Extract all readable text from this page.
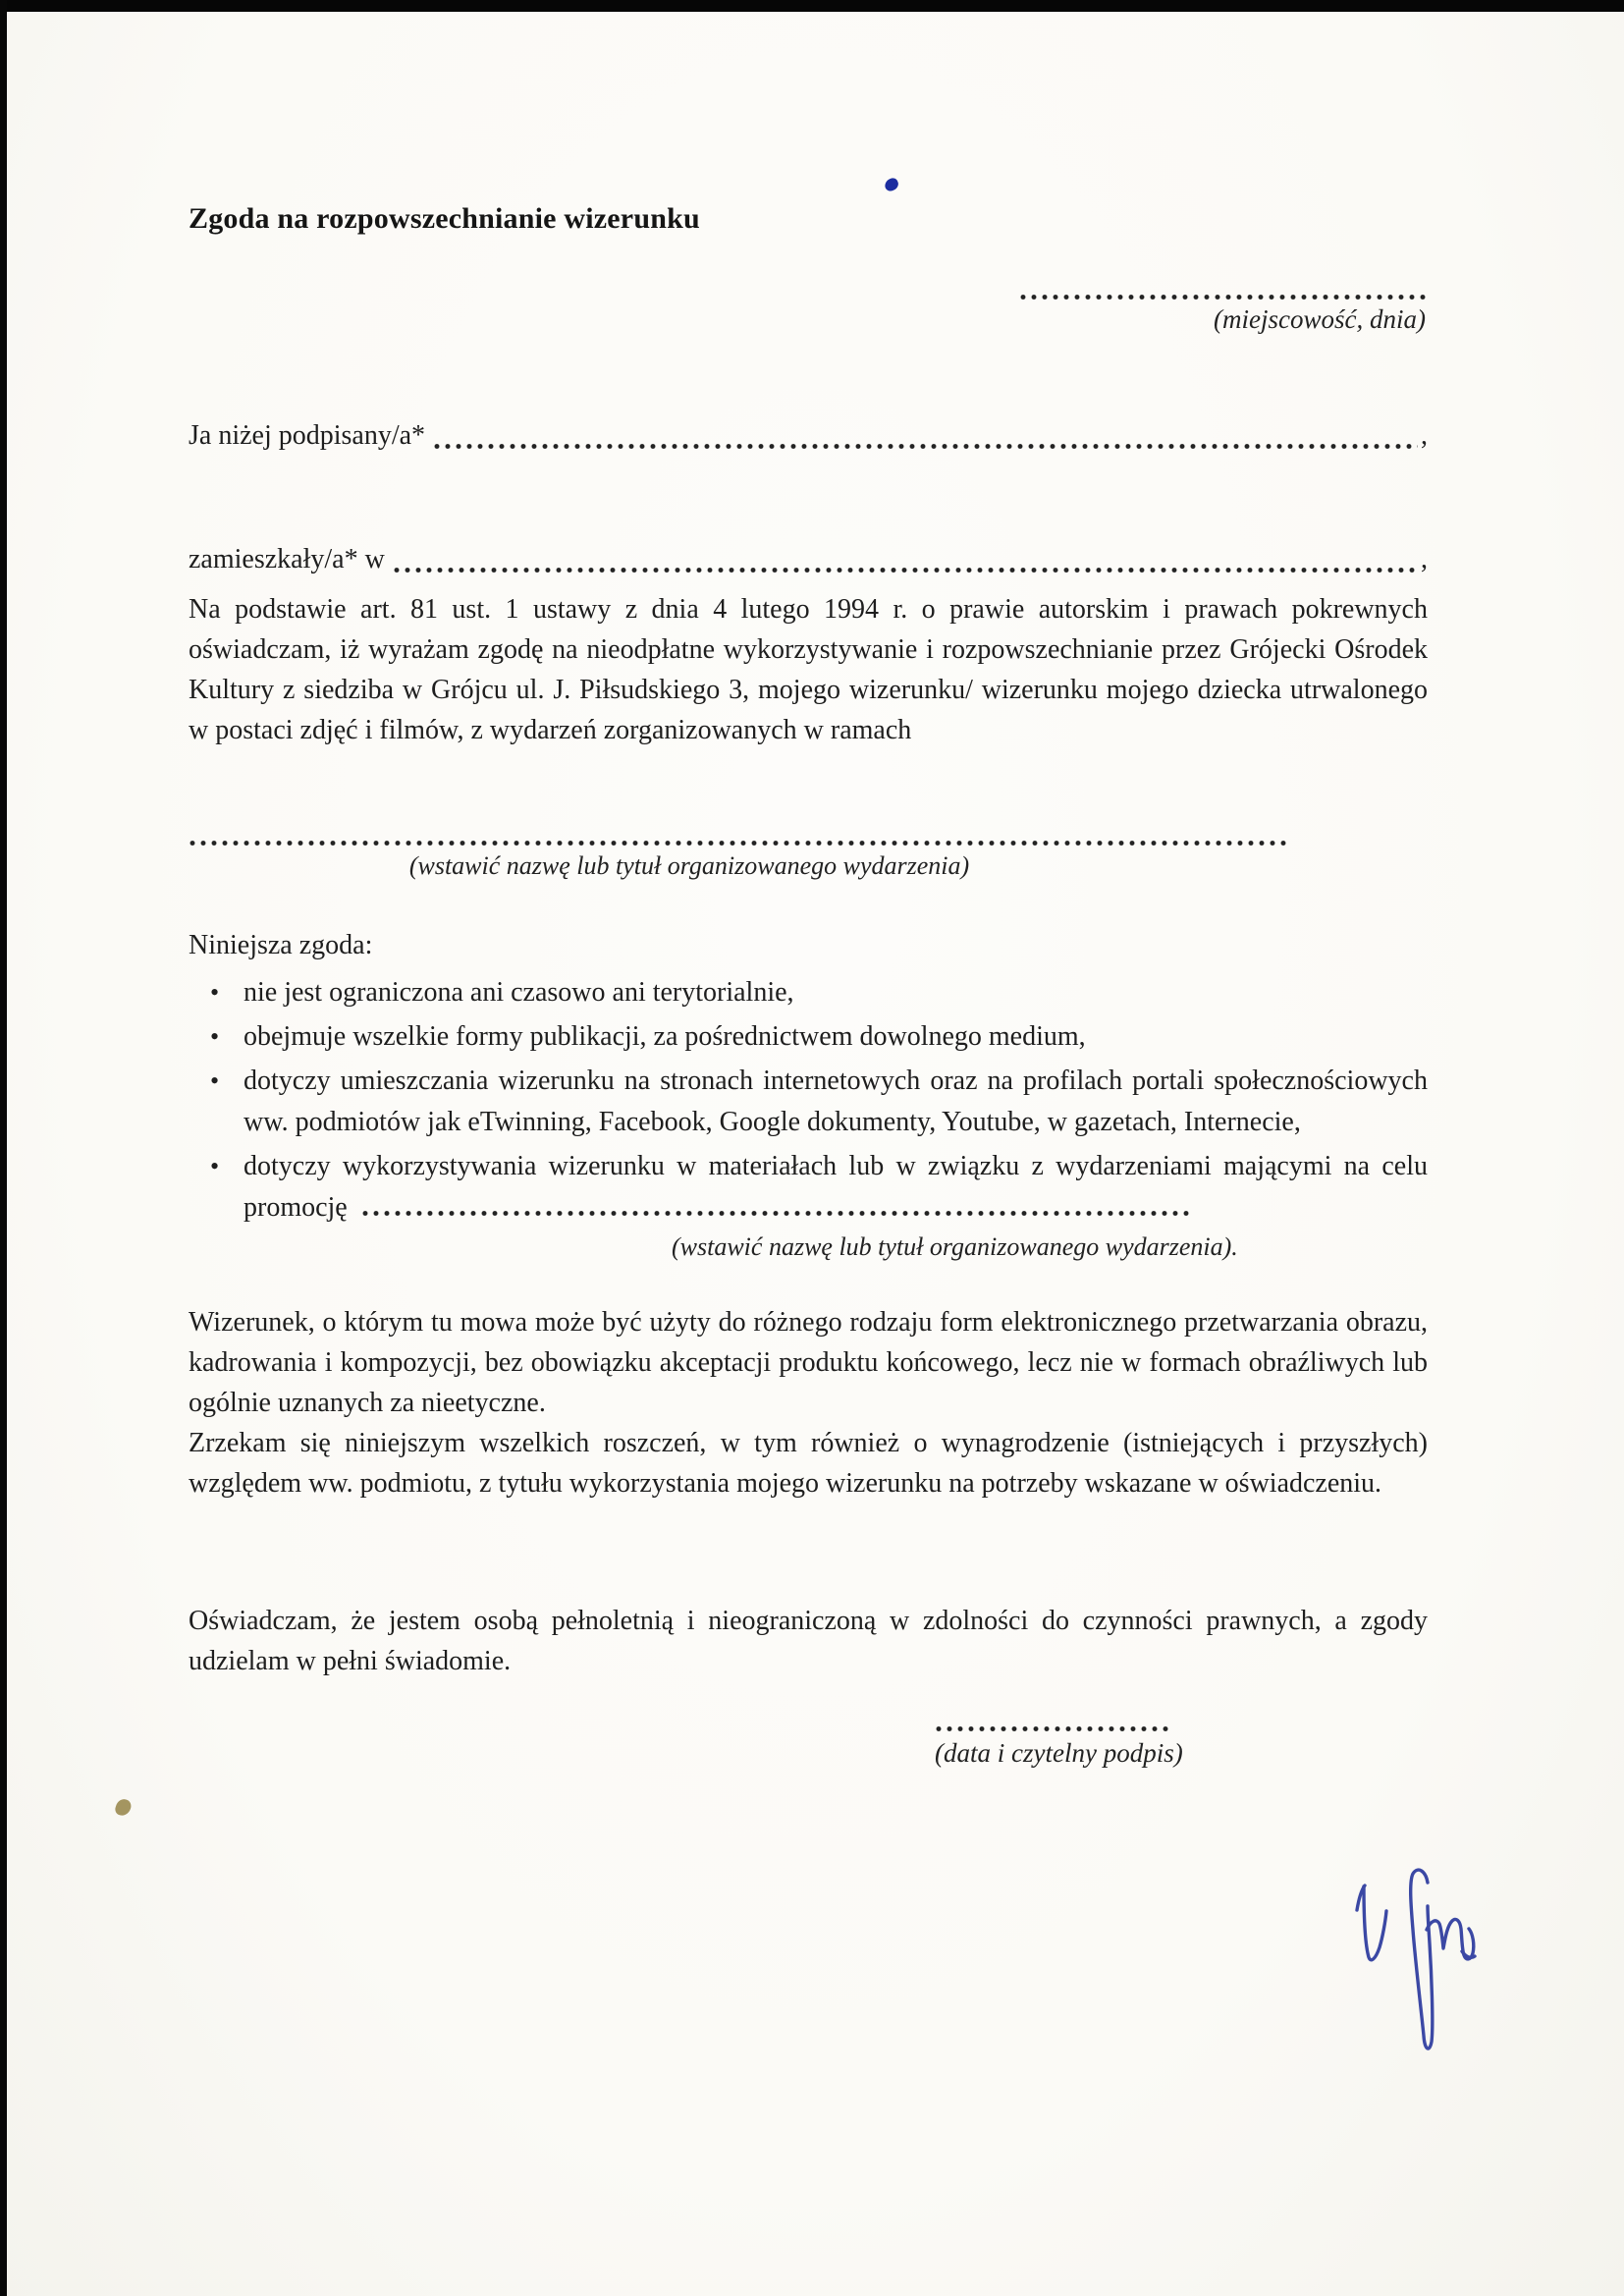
Zgoda na rozpowszechnianie wizerunku
(miejscowość, dnia)
Ja niżej podpisany/a*	,
zamieszkały/a* w	,

Na podstawie art. 81 ust. 1 ustawy z dnia 4 lutego 1994 r. o prawie autorskim i prawach pokrewnych oświadczam, iż wyrażam zgodę na nieodpłatne wykorzystywanie i rozpowszechnianie przez Grójecki Ośrodek Kultury z siedziba w Grójcu ul. J. Piłsudskiego 3, mojego wizerunku/ wizerunku mojego dziecka utrwalonego w postaci zdjęć i filmów, z wydarzeń zorganizowanych w ramach

(wstawić nazwę lub tytuł organizowanego wydarzenia)
Niniejsza zgoda:
• nie jest ograniczona ani czasowo ani terytorialnie,
• obejmuje wszelkie formy publikacji, za pośrednictwem dowolnego medium,
• dotyczy umieszczania wizerunku na stronach internetowych oraz na profilach portali społecznościowych ww. podmiotów jak eTwinning, Facebook, Google dokumenty, Youtube, w gazetach, Internecie,
• dotyczy wykorzystywania wizerunku w materiałach lub w związku z wydarzeniami mającymi na celu promocję
(wstawić nazwę lub tytuł organizowanego wydarzenia).

Wizerunek, o którym tu mowa może być użyty do różnego rodzaju form elektronicznego przetwarzania obrazu, kadrowania i kompozycji, bez obowiązku akceptacji produktu końcowego, lecz nie w formach obraźliwych lub ogólnie uznanych za nieetyczne.

Zrzekam się niniejszym wszelkich roszczeń, w tym również o wynagrodzenie (istniejących i przyszłych) względem ww. podmiotu, z tytułu wykorzystania mojego wizerunku na potrzeby wskazane w oświadczeniu.

Oświadczam, że jestem osobą pełnoletnią i nieograniczoną w zdolności do czynności prawnych, a zgody udzielam w pełni świadomie.

(data i czytelny podpis)
